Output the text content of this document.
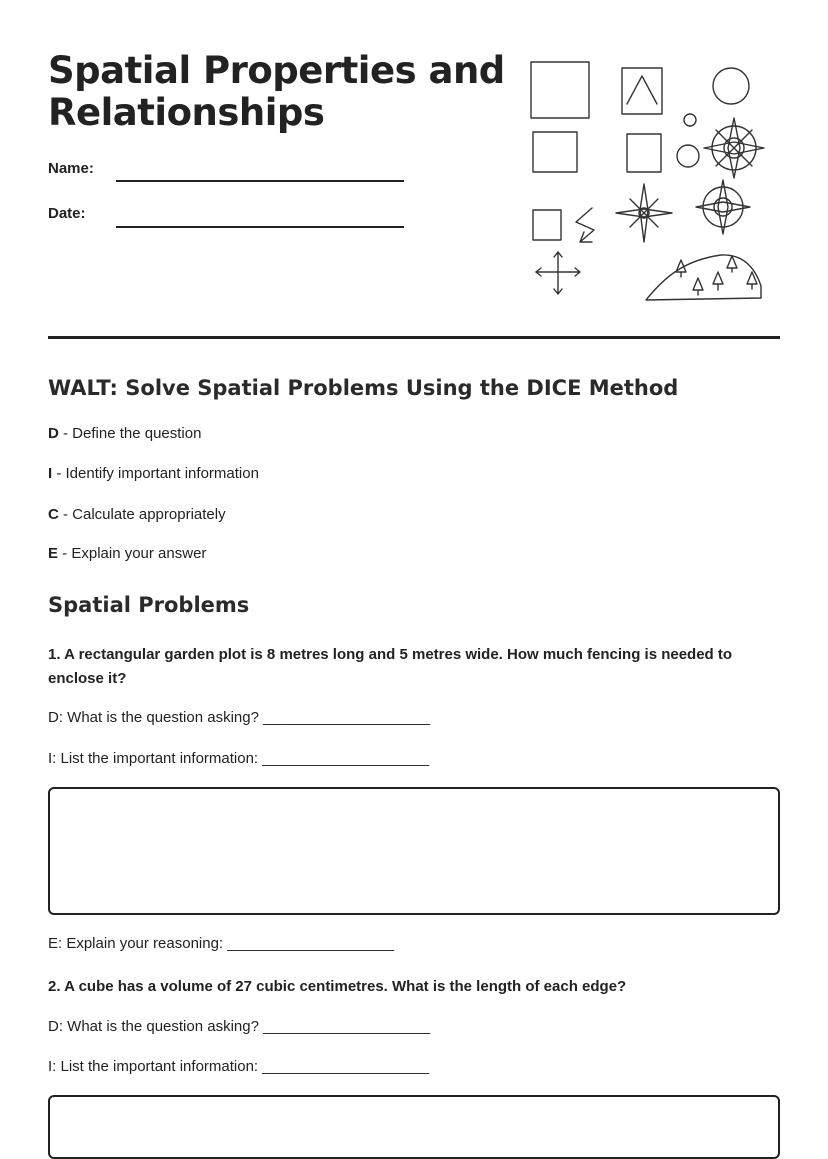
Spatial Properties and Relationships
Name:
Date:
WALT: Solve Spatial Problems Using the DICE Method
D - Define the question
I - Identify important information
C - Calculate appropriately
E - Explain your answer
Spatial Problems
1. A rectangular garden plot is 8 metres long and 5 metres wide. How much fencing is needed to enclose it?
D: What is the question asking? ____________________
I: List the important information: ____________________
E: Explain your reasoning: ____________________
2. A cube has a volume of 27 cubic centimetres. What is the length of each edge?
D: What is the question asking? ____________________
I: List the important information: ____________________
